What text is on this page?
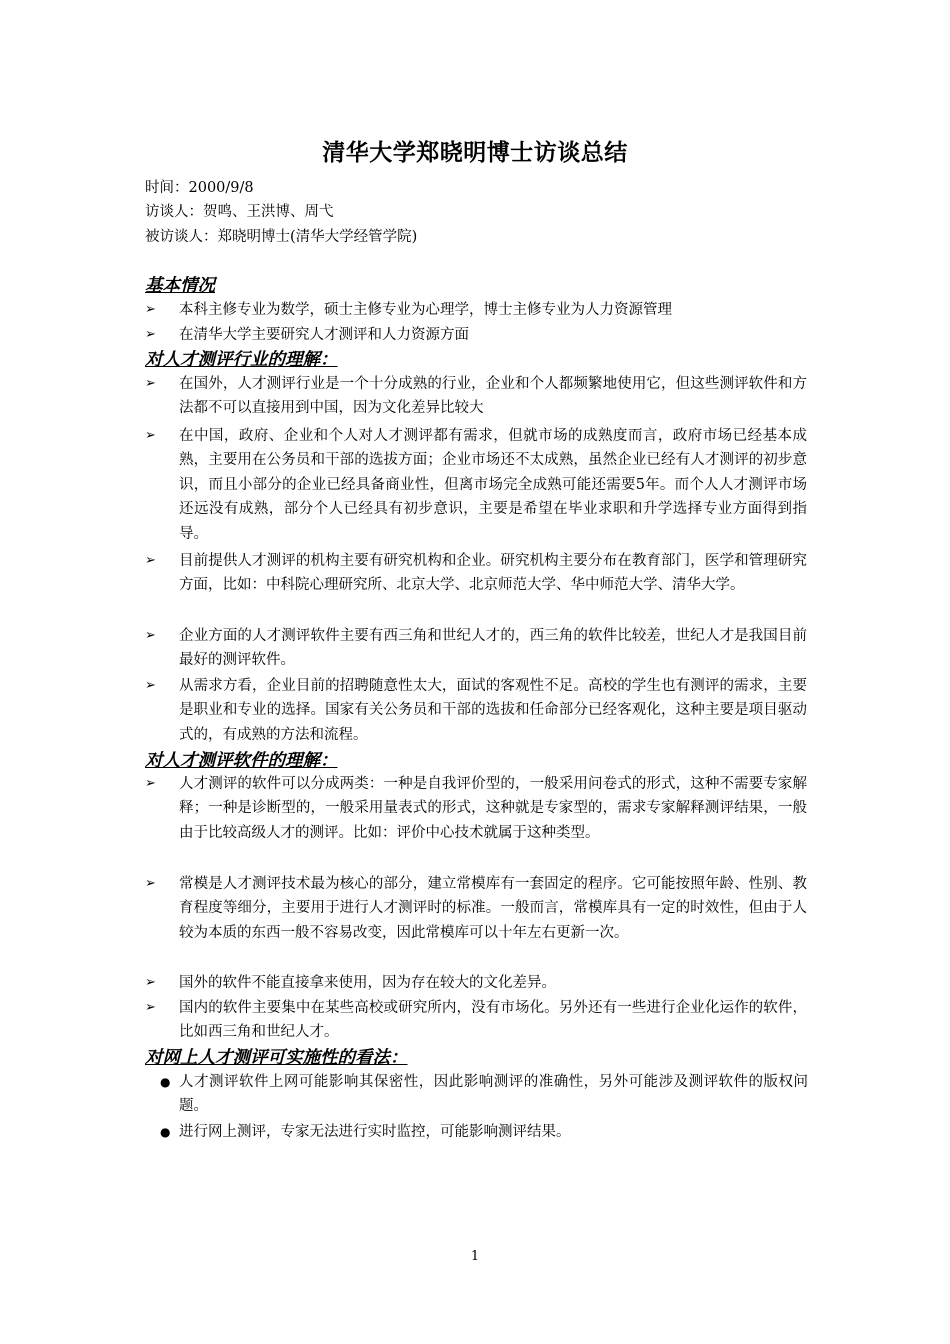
清华大学郑晓明博士访谈总结
时间：2000/9/8
访谈人：贺鸣、王洪博、周弋
被访谈人：郑晓明博士(清华大学经管学院)
基本情况
➢	本科主修专业为数学，硕士主修专业为心理学，博士主修专业为人力资源管理
➢	在清华大学主要研究人才测评和人力资源方面
对人才测评行业的理解：
➢	在国外，人才测评行业是一个十分成熟的行业，企业和个人都频繁地使用它，但这些测评软件和方法都不可以直接用到中国，因为文化差异比较大
➢	在中国，政府、企业和个人对人才测评都有需求，但就市场的成熟度而言，政府市场已经基本成熟，主要用在公务员和干部的选拔方面；企业市场还不太成熟，虽然企业已经有人才测评的初步意识，而且小部分的企业已经具备商业性，但离市场完全成熟可能还需要5年。而个人人才测评市场还远没有成熟，部分个人已经具有初步意识，主要是希望在毕业求职和升学选择专业方面得到指导。
➢	目前提供人才测评的机构主要有研究机构和企业。研究机构主要分布在教育部门，医学和管理研究方面，比如：中科院心理研究所、北京大学、北京师范大学、华中师范大学、清华大学。
➢	企业方面的人才测评软件主要有西三角和世纪人才的，西三角的软件比较差，世纪人才是我国目前最好的测评软件。
➢	从需求方看，企业目前的招聘随意性太大，面试的客观性不足。高校的学生也有测评的需求，主要是职业和专业的选择。国家有关公务员和干部的选拔和任命部分已经客观化，这种主要是项目驱动式的，有成熟的方法和流程。
对人才测评软件的理解：
➢	人才测评的软件可以分成两类：一种是自我评价型的，一般采用问卷式的形式，这种不需要专家解释；一种是诊断型的，一般采用量表式的形式，这种就是专家型的，需求专家解释测评结果，一般由于比较高级人才的测评。比如：评价中心技术就属于这种类型。
➢	常模是人才测评技术最为核心的部分，建立常模库有一套固定的程序。它可能按照年龄、性别、教育程度等细分，主要用于进行人才测评时的标准。一般而言，常模库具有一定的时效性，但由于人较为本质的东西一般不容易改变，因此常模库可以十年左右更新一次。
➢	国外的软件不能直接拿来使用，因为存在较大的文化差异。
➢	国内的软件主要集中在某些高校或研究所内，没有市场化。另外还有一些进行企业化运作的软件，比如西三角和世纪人才。
对网上人才测评可实施性的看法：
● 人才测评软件上网可能影响其保密性，因此影响测评的准确性，另外可能涉及测评软件的版权问题。
● 进行网上测评，专家无法进行实时监控，可能影响测评结果。
1
